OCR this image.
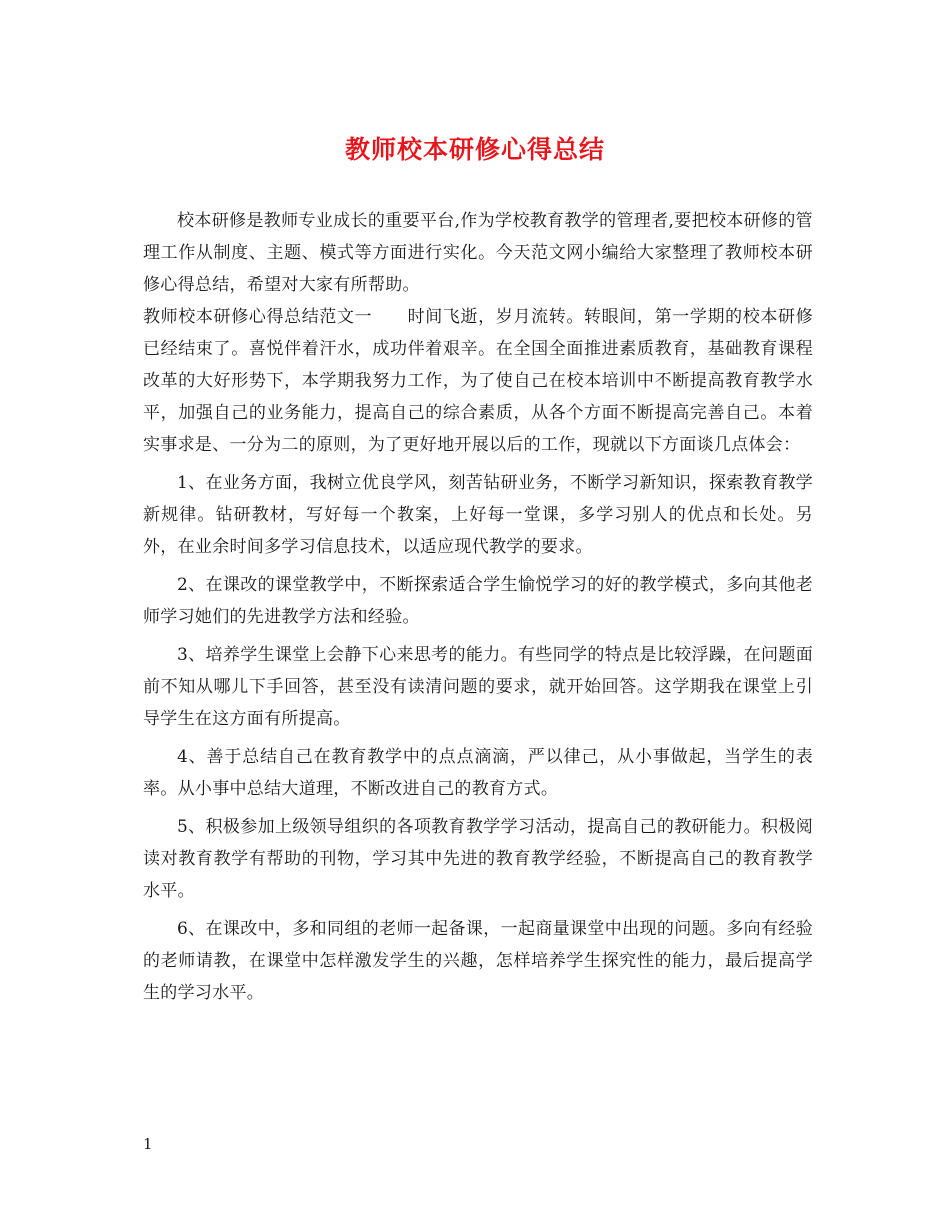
教师校本研修心得总结

校本研修是教师专业成长的重要平台,作为学校教育教学的管理者,要把校本研修的管理工作从制度、主题、模式等方面进行实化。今天范文网小编给大家整理了教师校本研修心得总结，希望对大家有所帮助。

教师校本研修心得总结范文一　　时间飞逝，岁月流转。转眼间，第一学期的校本研修已经结束了。喜悦伴着汗水，成功伴着艰辛。在全国全面推进素质教育，基础教育课程改革的大好形势下，本学期我努力工作，为了使自己在校本培训中不断提高教育教学水平，加强自己的业务能力，提高自己的综合素质，从各个方面不断提高完善自己。本着实事求是、一分为二的原则，为了更好地开展以后的工作，现就以下方面谈几点体会：

1、在业务方面，我树立优良学风，刻苦钻研业务，不断学习新知识，探索教育教学新规律。钻研教材，写好每一个教案，上好每一堂课，多学习别人的优点和长处。另外，在业余时间多学习信息技术，以适应现代教学的要求。

2、在课改的课堂教学中，不断探索适合学生愉悦学习的好的教学模式，多向其他老师学习她们的先进教学方法和经验。

3、培养学生课堂上会静下心来思考的能力。有些同学的特点是比较浮躁，在问题面前不知从哪儿下手回答，甚至没有读清问题的要求，就开始回答。这学期我在课堂上引导学生在这方面有所提高。

4、善于总结自己在教育教学中的点点滴滴，严以律己，从小事做起，当学生的表率。从小事中总结大道理，不断改进自己的教育方式。

5、积极参加上级领导组织的各项教育教学学习活动，提高自己的教研能力。积极阅读对教育教学有帮助的刊物，学习其中先进的教育教学经验，不断提高自己的教育教学水平。

6、在课改中，多和同组的老师一起备课，一起商量课堂中出现的问题。多向有经验的老师请教，在课堂中怎样激发学生的兴趣，怎样培养学生探究性的能力，最后提高学生的学习水平。

1
